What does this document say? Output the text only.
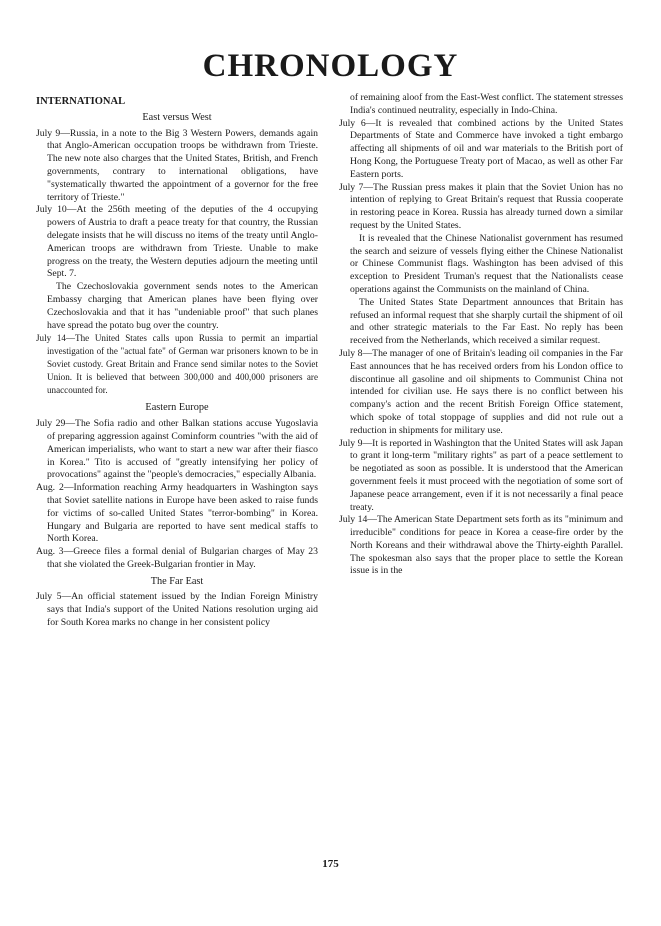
CHRONOLOGY

INTERNATIONAL

East versus West

July 9—Russia, in a note to the Big 3 Western Powers, demands again that Anglo-American occupation troops be withdrawn from Trieste. The new note also charges that the United States, British, and French governments, contrary to international obligations, have "systematically thwarted the appointment of a governor for the free territory of Trieste."

July 10—At the 256th meeting of the deputies of the 4 occupying powers of Austria to draft a peace treaty for that country, the Russian delegate insists that he will discuss no items of the treaty until Anglo-American troops are withdrawn from Trieste. Unable to make progress on the treaty, the Western deputies adjourn the meeting until Sept. 7.

The Czechoslovakia government sends notes to the American Embassy charging that American planes have been flying over Czechoslovakia and that it has "undeniable proof" that such planes have spread the potato bug over the country.

July 14—The United States calls upon Russia to permit an impartial investigation of the "actual fate" of German war prisoners known to be in Soviet custody. Great Britain and France send similar notes to the Soviet Union. It is believed that between 300,000 and 400,000 prisoners are unaccounted for.

Eastern Europe

July 29—The Sofia radio and other Balkan stations accuse Yugoslavia of preparing aggression against Cominform countries "with the aid of American imperialists, who want to start a new war after their fiasco in Korea." Tito is accused of "greatly intensifying her policy of provocations" against the "people's democracies," especially Albania.

Aug. 2—Information reaching Army headquarters in Washington says that Soviet satellite nations in Europe have been asked to raise funds for victims of so-called United States "terror-bombing" in Korea. Hungary and Bulgaria are reported to have sent medical staffs to North Korea.

Aug. 3—Greece files a formal denial of Bulgarian charges of May 23 that she violated the Greek-Bulgarian frontier in May.

The Far East

July 5—An official statement issued by the Indian Foreign Ministry says that India's support of the United Nations resolution urging aid for South Korea marks no change in her consistent policy

of remaining aloof from the East-West conflict. The statement stresses India's continued neutrality, especially in Indo-China.

July 6—It is revealed that combined actions by the United States Departments of State and Commerce have invoked a tight embargo affecting all shipments of oil and war materials to the British port of Hong Kong, the Portuguese Treaty port of Macao, as well as other Far Eastern ports.

July 7—The Russian press makes it plain that the Soviet Union has no intention of replying to Great Britain's request that Russia cooperate in restoring peace in Korea. Russia has already turned down a similar request by the United States.

It is revealed that the Chinese Nationalist government has resumed the search and seizure of vessels flying either the Chinese Nationalist or Chinese Communist flags. Washington has been advised of this exception to President Truman's request that the Nationalists cease operations against the Communists on the mainland of China.

The United States State Department announces that Britain has refused an informal request that she sharply curtail the shipment of oil and other strategic materials to the Far East. No reply has been received from the Netherlands, which received a similar request.

July 8—The manager of one of Britain's leading oil companies in the Far East announces that he has received orders from his London office to discontinue all gasoline and oil shipments to Communist China not intended for civilian use. He says there is no conflict between his company's action and the recent British Foreign Office statement, which spoke of total stoppage of supplies and did not rule out a reduction in shipments for military use.

July 9—It is reported in Washington that the United States will ask Japan to grant it long-term "military rights" as part of a peace settlement to be negotiated as soon as possible. It is understood that the American government feels it must proceed with the negotiation of some sort of Japanese peace arrangement, even if it is not necessarily a final peace treaty.

July 14—The American State Department sets forth as its "minimum and irreducible" conditions for peace in Korea a cease-fire order by the North Koreans and their withdrawal above the Thirty-eighth Parallel. The spokesman also says that the proper place to settle the Korean issue is in the

175
